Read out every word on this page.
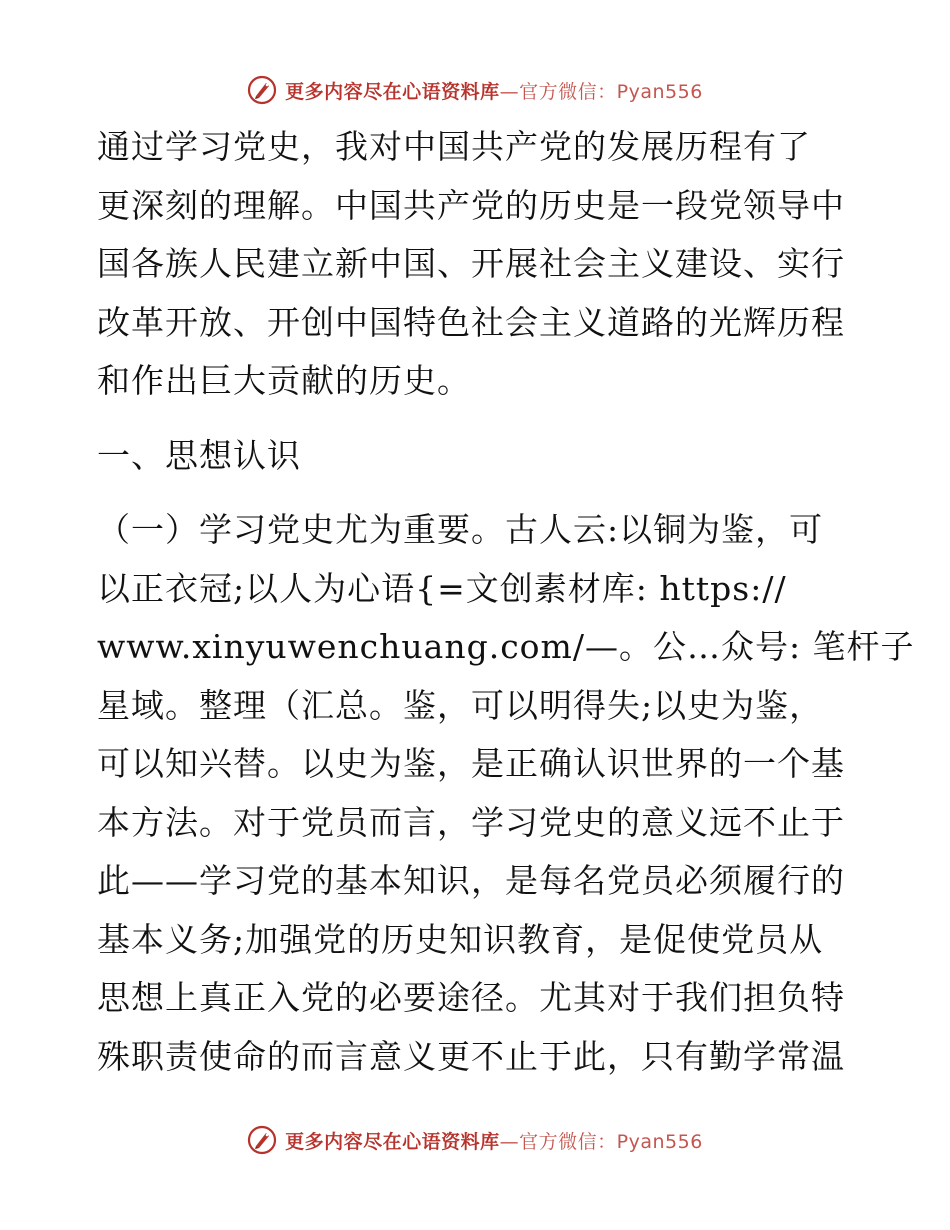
更多内容尽在心语资料库—官方微信：Pyan556
通过学习党史，我对中国共产党的发展历程有了
更深刻的理解。中国共产党的历史是一段党领导中
国各族人民建立新中国、开展社会主义建设、实行
改革开放、开创中国特色社会主义道路的光辉历程
和作出巨大贡献的历史。
一、思想认识
（一）学习党史尤为重要。古人云:以铜为鉴，可
以正衣冠;以人为心语{=文创素材库: https://
www.xinyuwenchuang.com/—。公…众号: 笔杆子
星域。整理（汇总。鉴，可以明得失;以史为鉴，
可以知兴替。以史为鉴，是正确认识世界的一个基
本方法。对于党员而言，学习党史的意义远不止于
此——学习党的基本知识，是每名党员必须履行的
基本义务;加强党的历史知识教育，是促使党员从
思想上真正入党的必要途径。尤其对于我们担负特
殊职责使命的而言意义更不止于此，只有勤学常温
更多内容尽在心语资料库—官方微信：Pyan556
